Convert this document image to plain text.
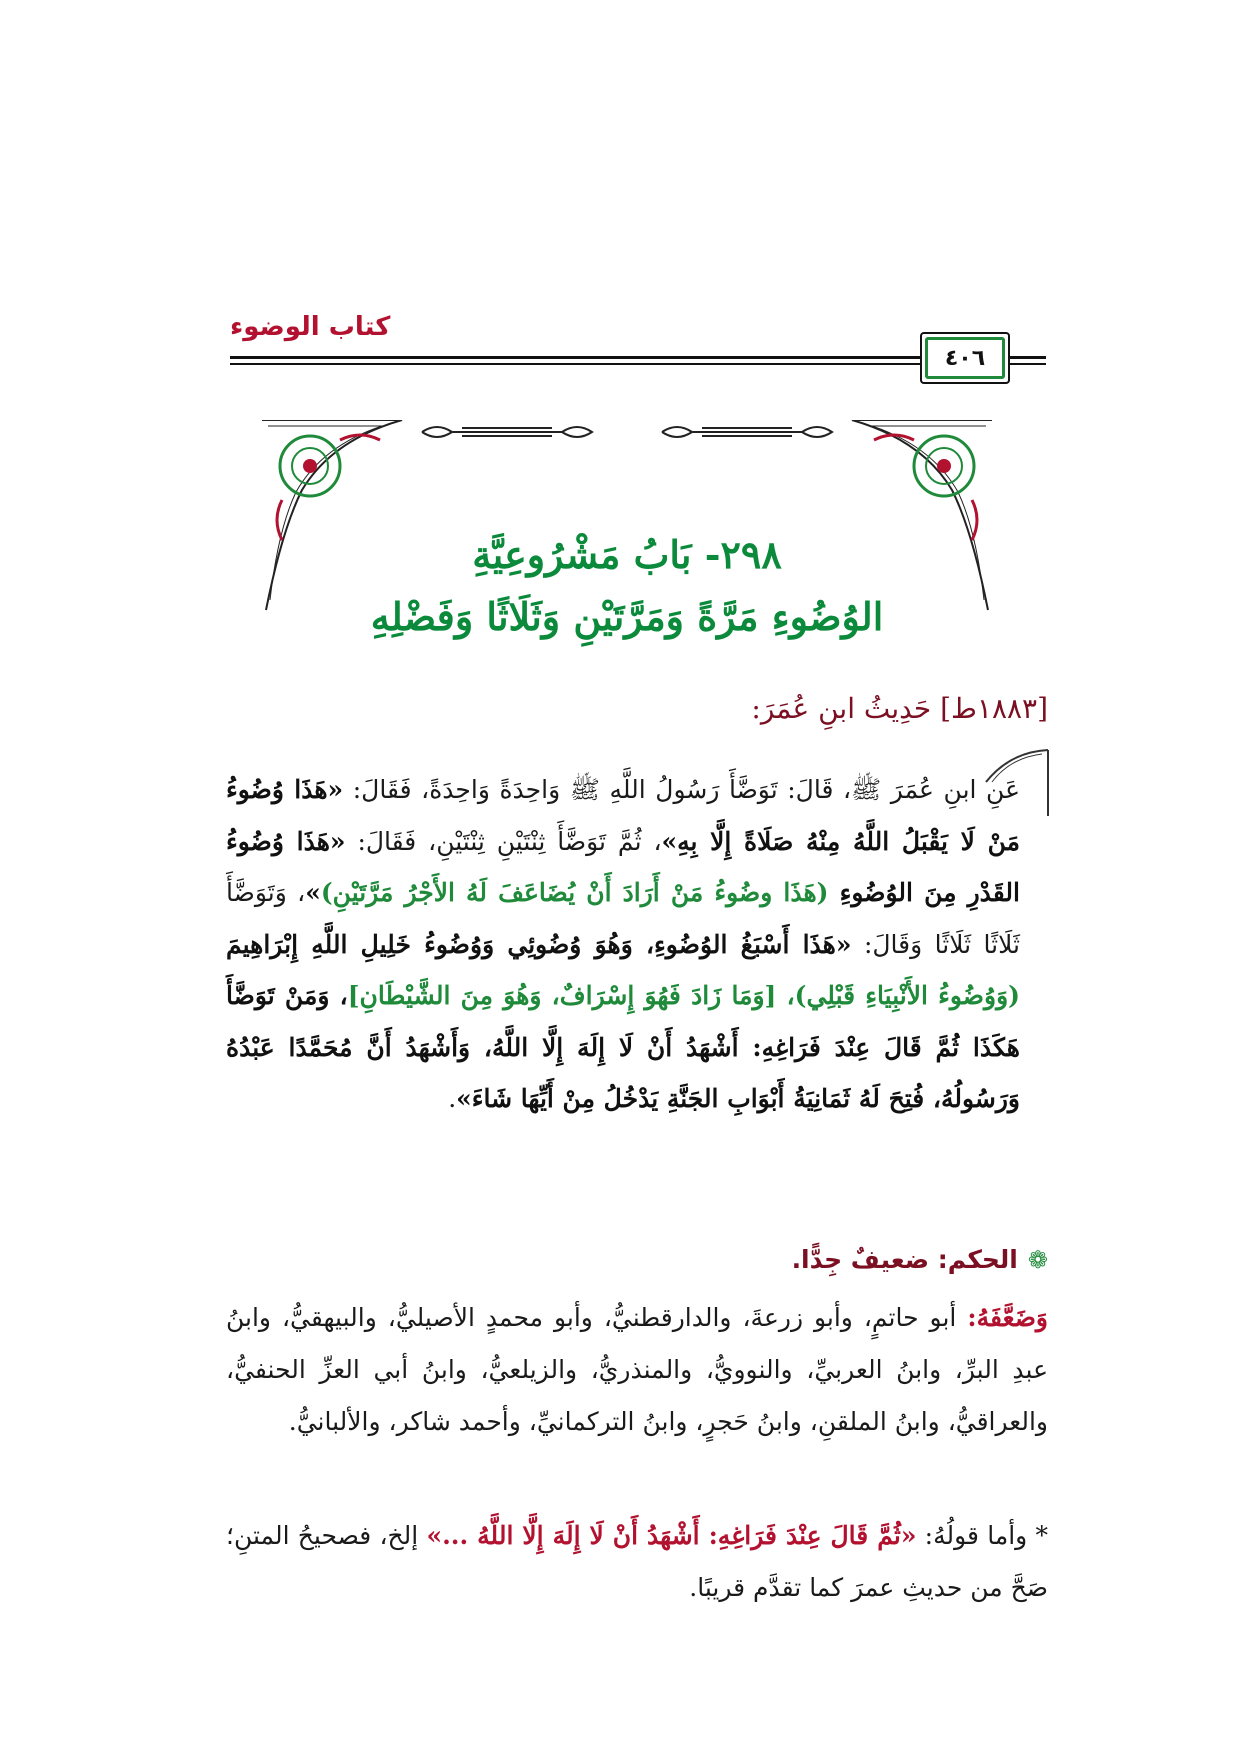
كتاب الوضوء
٤٠٦
٢٩٨- بَابُ مَشْرُوعِيَّةِ
الوُضُوءِ مَرَّةً وَمَرَّتَيْنِ وَثَلَاثًا وَفَضْلِهِ
[١٨٨٣ط] حَدِيثُ ابنِ عُمَرَ:
عَنِ ابنِ عُمَرَ ﷺ، قَالَ: تَوَضَّأَ رَسُولُ اللَّهِ ﷺ وَاحِدَةً وَاحِدَةً، فَقَالَ: «هَذَا وُضُوءُ مَنْ لَا يَقْبَلُ اللَّهُ مِنْهُ صَلَاةً إِلَّا بِهِ»، ثُمَّ تَوَضَّأَ ثِنْتَيْنِ ثِنْتَيْنِ، فَقَالَ: «هَذَا وُضُوءُ القَدْرِ مِنَ الوُضُوءِ (هَذَا وضُوءُ مَنْ أَرَادَ أَنْ يُضَاعَفَ لَهُ الأَجْرُ مَرَّتَيْنِ)»، وَتَوَضَّأَ ثَلَاثًا ثَلَاثًا وَقَالَ: «هَذَا أَسْبَغُ الوُضُوءِ، وَهُوَ وُضُوئِي وَوُضُوءُ خَلِيلِ اللَّهِ إِبْرَاهِيمَ (وَوُضُوءُ الأَنْبِيَاءِ قَبْلِي)، [وَمَا زَادَ فَهُوَ إِسْرَافٌ، وَهُوَ مِنَ الشَّيْطَانِ]، وَمَنْ تَوَضَّأَ هَكَذَا ثُمَّ قَالَ عِنْدَ فَرَاغِهِ: أَشْهَدُ أَنْ لَا إِلَهَ إِلَّا اللَّهُ، وَأَشْهَدُ أَنَّ مُحَمَّدًا عَبْدُهُ وَرَسُولُهُ، فُتِحَ لَهُ ثَمَانِيَةُ أَبْوَابِ الجَنَّةِ يَدْخُلُ مِنْ أَيِّهَا شَاءَ».
❁الحكم: ضعيفٌ جِدًّا.
وَضَعَّفَهُ: أبو حاتمٍ، وأبو زرعةَ، والدارقطنيُّ، وأبو محمدٍ الأصيليُّ، والبيهقيُّ، وابنُ عبدِ البرِّ، وابنُ العربيِّ، والنوويُّ، والمنذريُّ، والزيلعيُّ، وابنُ أبي العزِّ الحنفيُّ، والعراقيُّ، وابنُ الملقنِ، وابنُ حَجرٍ، وابنُ التركمانيِّ، وأحمد شاكر، والألبانيُّ.
* وأما قولُهُ: «ثُمَّ قَالَ عِنْدَ فَرَاغِهِ: أَشْهَدُ أَنْ لَا إِلَهَ إِلَّا اللَّهُ ...» إلخ، فصحيحُ المتنِ؛ صَحَّ من حديثِ عمرَ كما تقدَّم قريبًا.
